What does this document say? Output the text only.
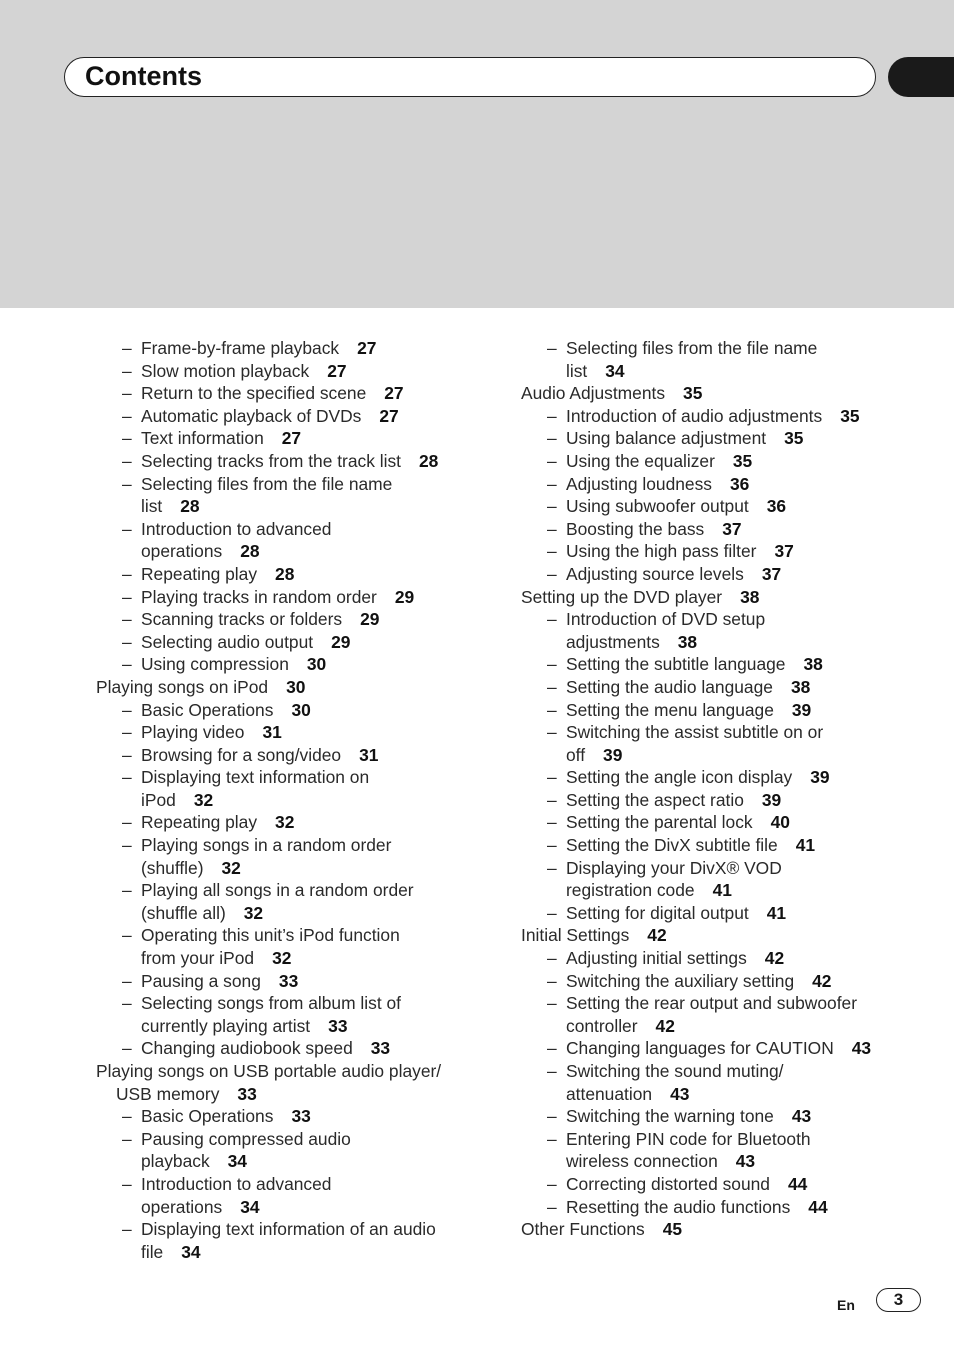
Contents
– Frame-by-frame playback 27
– Slow motion playback 27
– Return to the specified scene 27
– Automatic playback of DVDs 27
– Text information 27
– Selecting tracks from the track list 28
– Selecting files from the file name
list 28
– Introduction to advanced
operations 28
– Repeating play 28
– Playing tracks in random order 29
– Scanning tracks or folders 29
– Selecting audio output 29
– Using compression 30
Playing songs on iPod 30
– Basic Operations 30
– Playing video 31
– Browsing for a song/video 31
– Displaying text information on
iPod 32
– Repeating play 32
– Playing songs in a random order
(shuffle) 32
– Playing all songs in a random order
(shuffle all) 32
– Operating this unit’s iPod function
from your iPod 32
– Pausing a song 33
– Selecting songs from album list of
currently playing artist 33
– Changing audiobook speed 33
Playing songs on USB portable audio player/
USB memory 33
– Basic Operations 33
– Pausing compressed audio
playback 34
– Introduction to advanced
operations 34
– Displaying text information of an audio
file 34
– Selecting files from the file name
list 34
Audio Adjustments 35
– Introduction of audio adjustments 35
– Using balance adjustment 35
– Using the equalizer 35
– Adjusting loudness 36
– Using subwoofer output 36
– Boosting the bass 37
– Using the high pass filter 37
– Adjusting source levels 37
Setting up the DVD player 38
– Introduction of DVD setup
adjustments 38
– Setting the subtitle language 38
– Setting the audio language 38
– Setting the menu language 39
– Switching the assist subtitle on or
off 39
– Setting the angle icon display 39
– Setting the aspect ratio 39
– Setting the parental lock 40
– Setting the DivX subtitle file 41
– Displaying your DivX® VOD
registration code 41
– Setting for digital output 41
Initial Settings 42
– Adjusting initial settings 42
– Switching the auxiliary setting 42
– Setting the rear output and subwoofer
controller 42
– Changing languages for CAUTION 43
– Switching the sound muting/
attenuation 43
– Switching the warning tone 43
– Entering PIN code for Bluetooth
wireless connection 43
– Correcting distorted sound 44
– Resetting the audio functions 44
Other Functions 45
En	3
